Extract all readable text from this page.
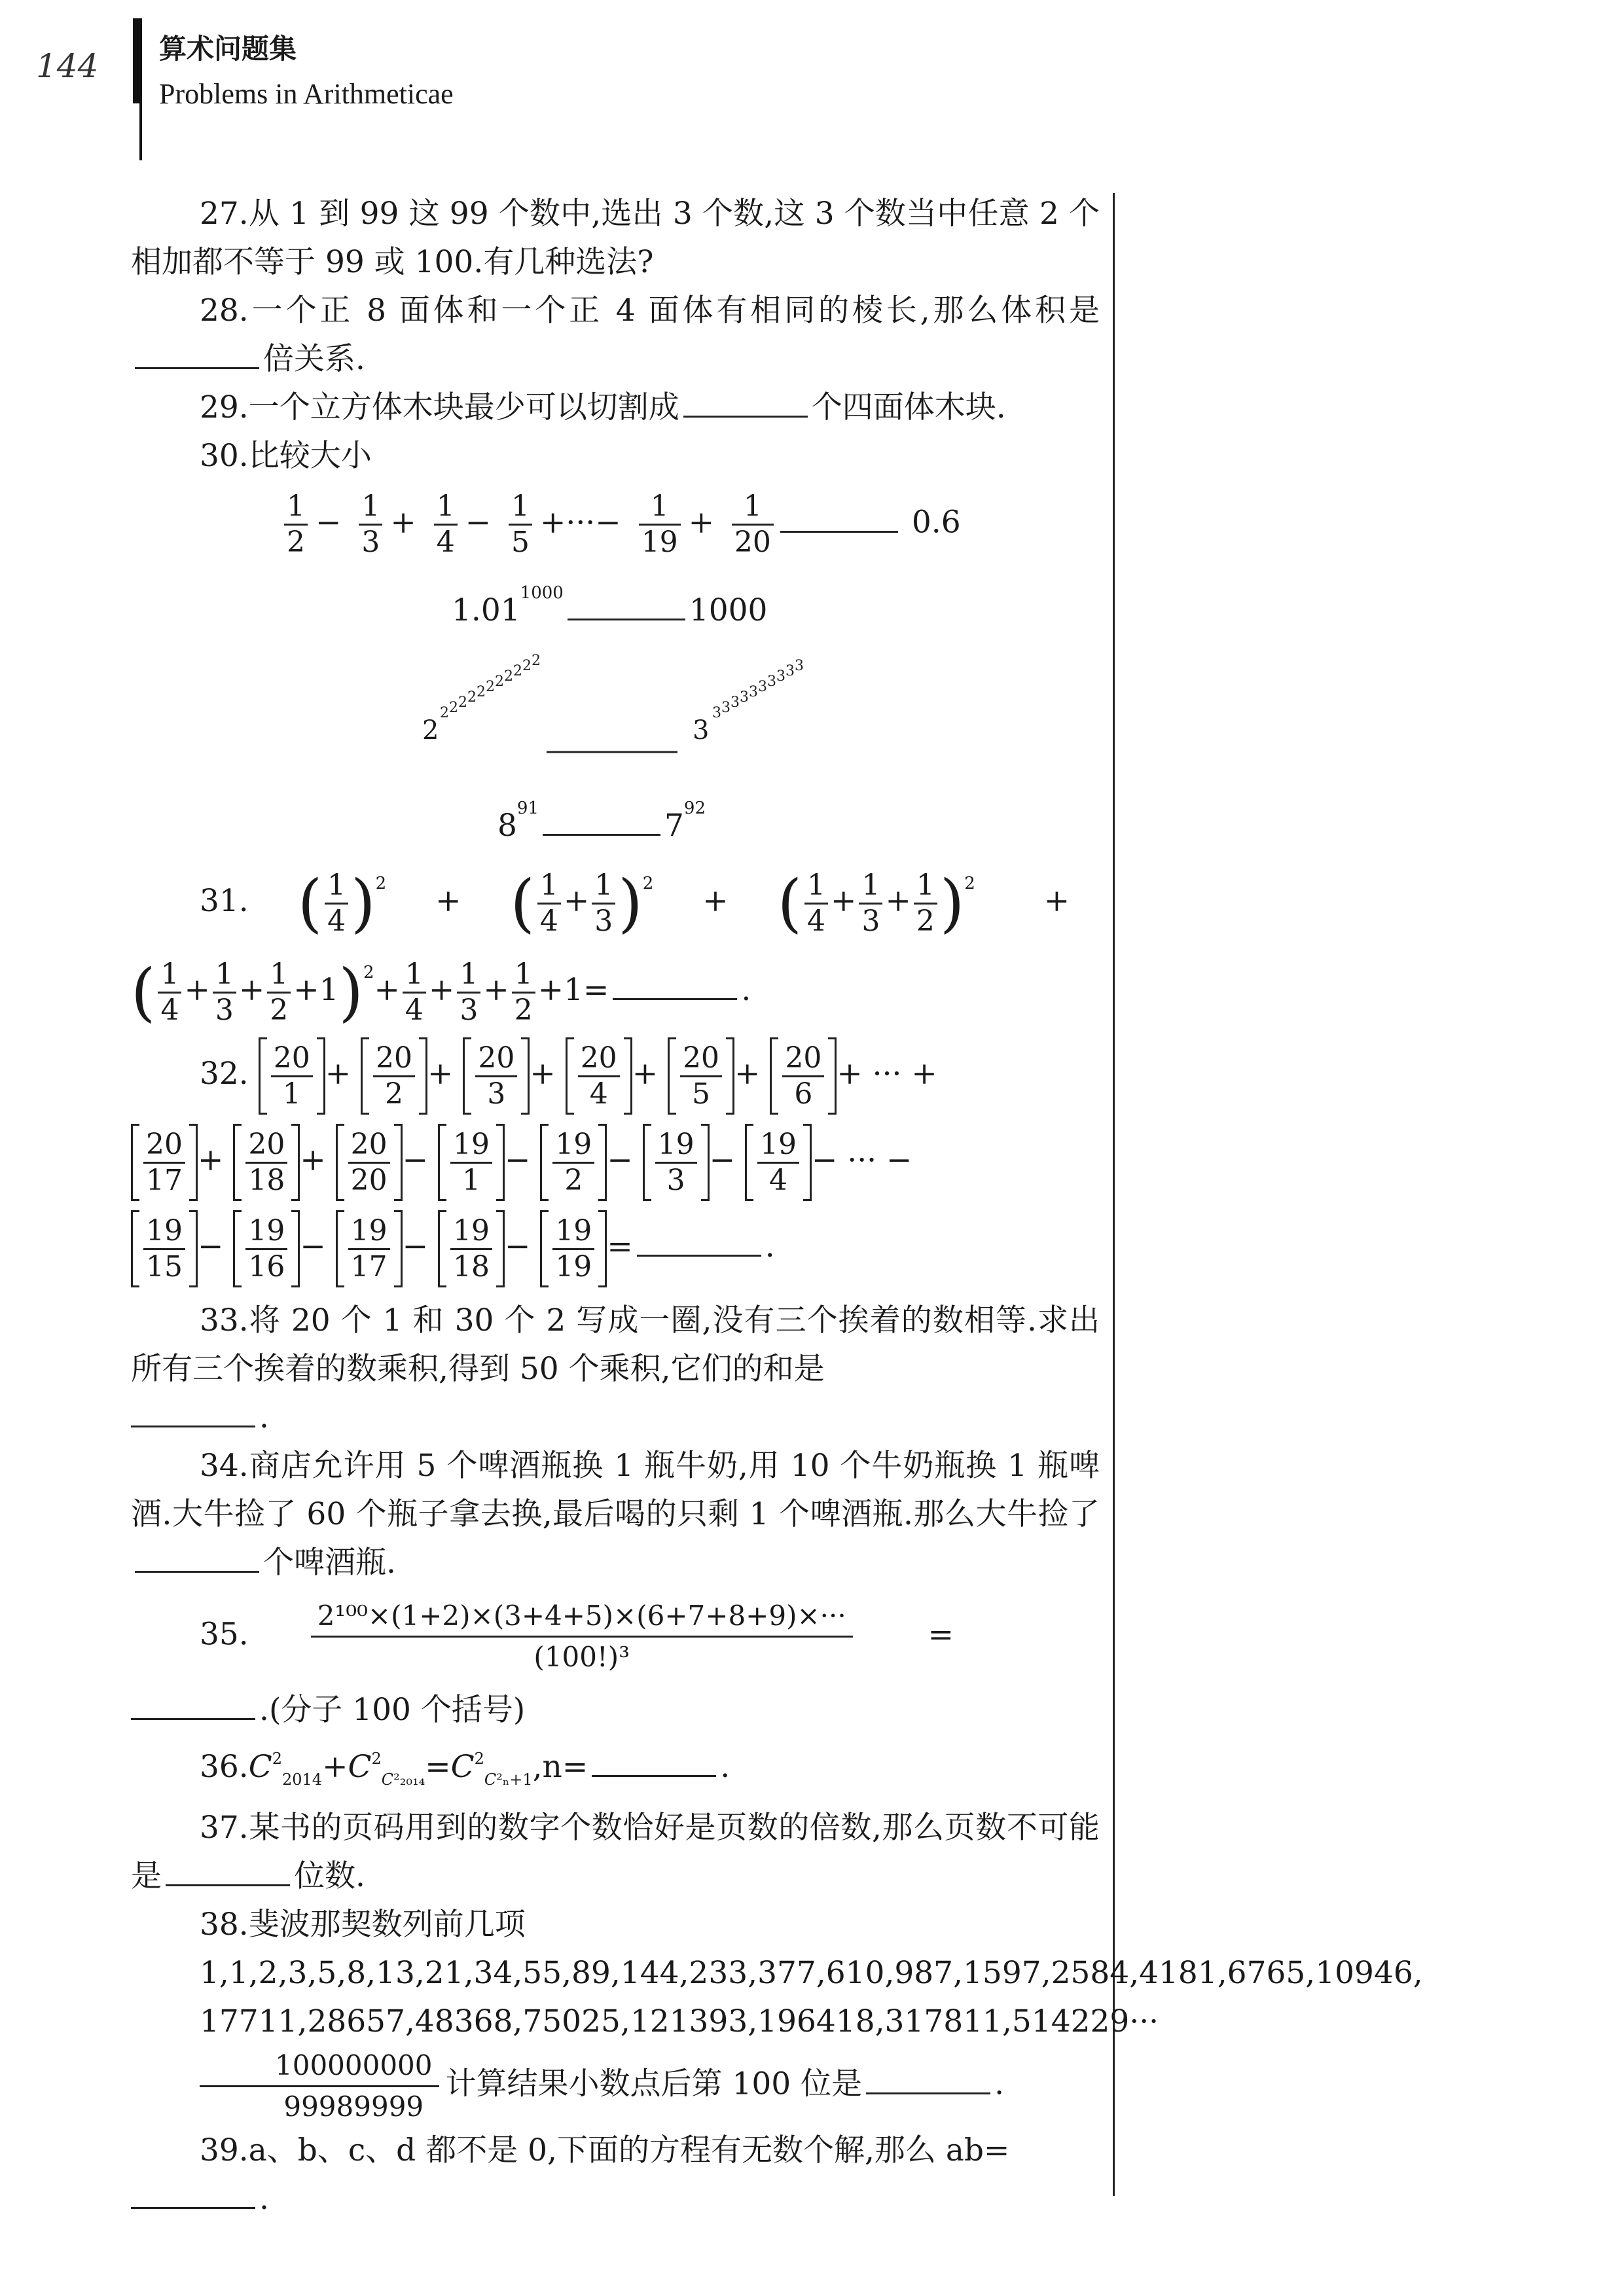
144 算术问题集
Problems in Arithmeticae

27.从 1 到 99 这 99 个数中,选出 3 个数,这 3 个数当中任意 2 个相加都不等于 99 或 100.有几种选法?

28.一个正 8 面体和一个正 4 面体有相同的棱长,那么体积是倍关系.

29.一个立方体木块最少可以切割成	个四面体木块.

30.比较大小

$\frac{1}{2} - \frac{1}{3} + \frac{1}{4} - \frac{1}{5}$ +···− $\frac{1}{19} + \frac{1}{20}$	0.6
$1.01^{1000}$	1000
2
2 2 2 2 2 2 2 2 2 2 2
3 3 3 3 3 3 3 3 3 3
3
$8^{91}$	$7^{92}$
31. ( $\frac{1}{4} )^2$ + ( $\frac{1}{4} + \frac{1}{3} )^2$ + ( $\frac{1}{4} + \frac{1}{3} + \frac{1}{2} )^2$ +
( $\frac{1}{4} + \frac{1}{3} + \frac{1}{2} +1)^2+ \frac{1}{4} + \frac{1}{3} + \frac{1}{2} +1=$	.
32. $\frac{20}{1} + \frac{20}{2} + \frac{20}{3} + \frac{20}{4} + \frac{20}{5} + \frac{20}{6}$ + ··· +
$\frac{20}{17} + \frac{20}{18} + \frac{20}{20} - \frac{19}{1} - \frac{19}{2} - \frac{19}{3} - \frac{19}{4}$ − ··· −
$\frac{19}{15} - \frac{19}{16} - \frac{19}{17} - \frac{19}{18} - \frac{19}{19}$ =	.

33.将 20 个 1 和 30 个 2 写成一圈,没有三个挨着的数相等.求出所有三个挨着的数乘积,得到 50 个乘积,它们的和是
.

34.商店允许用 5 个啤酒瓶换 1 瓶牛奶,用 10 个牛奶瓶换 1 瓶啤酒.大牛捡了 60 个瓶子拿去换,最后喝的只剩 1 个啤酒瓶.那么大牛捡了个啤酒瓶.

35. $\frac{\text{2¹⁰⁰×(1+2)×(3+4+5)×(6+7+8+9)×···}}{\text{(100!)³}}$ =

.(分子 100 个括号)

$36.C^2_{2014}+C^2_{C^2_{2014}}=C^2_{C^2_n+1},n=$	.

37.某书的页码用到的数字个数恰好是页数的倍数,那么页数不可能是	位数.

38.斐波那契数列前几项

1,1,2,3,5,8,13,21,34,55,89,144,233,377,610,987,1597,2584,4181,6765,10946,

17711,28657,48368,75025,121393,196418,317811,514229···

$\frac{100000000}{99989999}$ 计算结果小数点后第 100 位是	.

39.a、b、c、d 都不是 0,下面的方程有无数个解,那么 ab=
.
